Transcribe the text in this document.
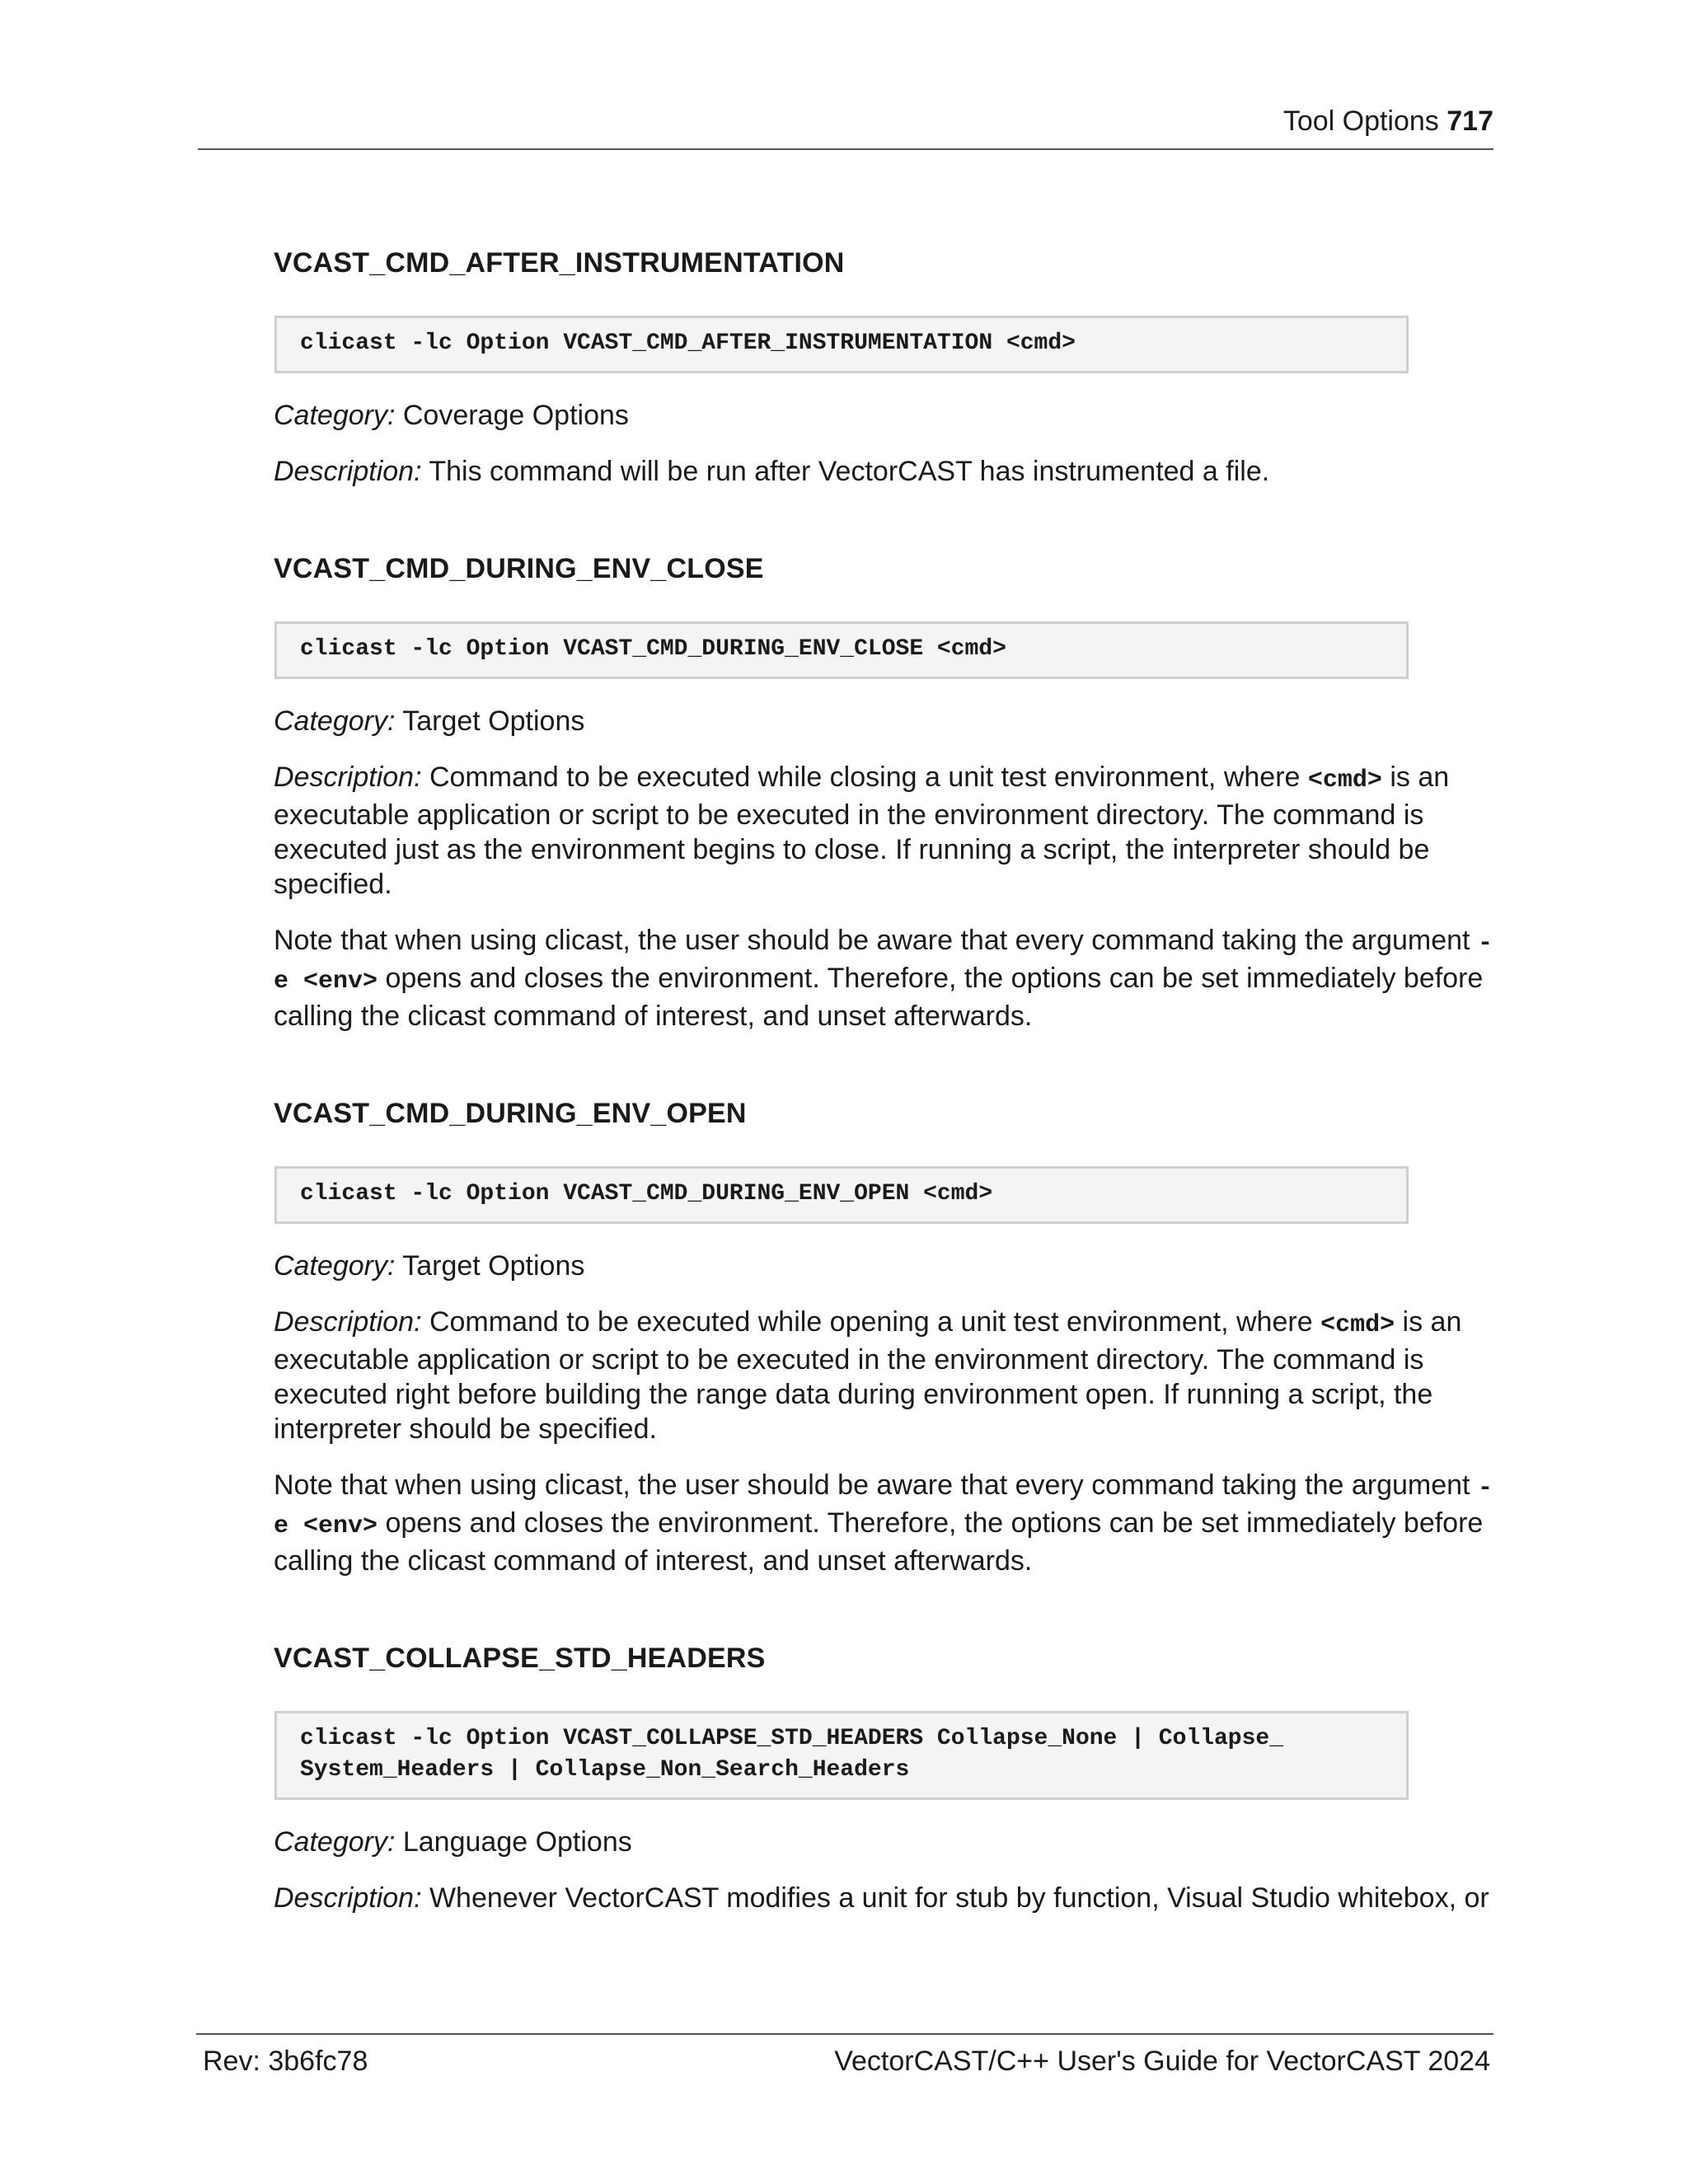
Tool Options 717
VCAST_CMD_AFTER_INSTRUMENTATION
clicast -lc Option VCAST_CMD_AFTER_INSTRUMENTATION <cmd>

Category: Coverage Options

Description: This command will be run after VectorCAST has instrumented a file.

VCAST_CMD_DURING_ENV_CLOSE
clicast -lc Option VCAST_CMD_DURING_ENV_CLOSE <cmd>

Category: Target Options

Description: Command to be executed while closing a unit test environment, where <cmd> is an executable application or script to be executed in the environment directory. The command is executed just as the environment begins to close. If running a script, the interpreter should be specified.

Note that when using clicast, the user should be aware that every command taking the argument -e <env> opens and closes the environment. Therefore, the options can be set immediately before calling the clicast command of interest, and unset afterwards.

VCAST_CMD_DURING_ENV_OPEN
clicast -lc Option VCAST_CMD_DURING_ENV_OPEN <cmd>

Category: Target Options

Description: Command to be executed while opening a unit test environment, where <cmd> is an executable application or script to be executed in the environment directory. The command is executed right before building the range data during environment open. If running a script, the interpreter should be specified.

Note that when using clicast, the user should be aware that every command taking the argument -e <env> opens and closes the environment. Therefore, the options can be set immediately before calling the clicast command of interest, and unset afterwards.

VCAST_COLLAPSE_STD_HEADERS
clicast -lc Option VCAST_COLLAPSE_STD_HEADERS Collapse_None | Collapse_
System_Headers | Collapse_Non_Search_Headers

Category: Language Options

Description: Whenever VectorCAST modifies a unit for stub by function, Visual Studio whitebox, or

Rev: 3b6fc78	VectorCAST/C++ User's Guide for VectorCAST 2024
